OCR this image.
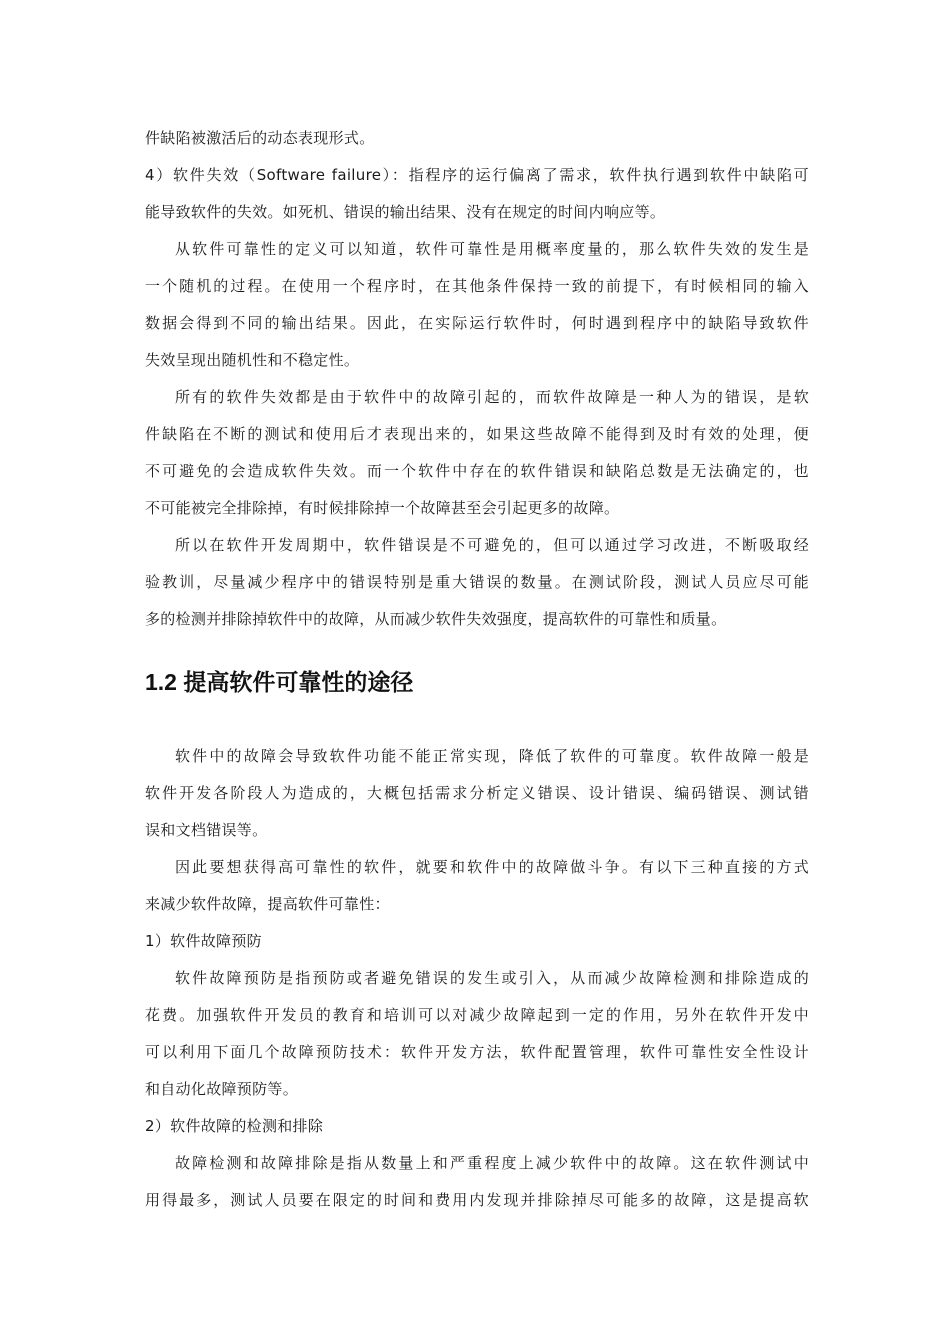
件缺陷被激活后的动态表现形式。

4）软件失效（Software failure）：指程序的运行偏离了需求，软件执行遇到软件中缺陷可

能导致软件的失效。如死机、错误的输出结果、没有在规定的时间内响应等。

从软件可靠性的定义可以知道，软件可靠性是用概率度量的，那么软件失效的发生是

一个随机的过程。在使用一个程序时，在其他条件保持一致的前提下，有时候相同的输入

数据会得到不同的输出结果。因此，在实际运行软件时，何时遇到程序中的缺陷导致软件

失效呈现出随机性和不稳定性。

所有的软件失效都是由于软件中的故障引起的，而软件故障是一种人为的错误，是软

件缺陷在不断的测试和使用后才表现出来的，如果这些故障不能得到及时有效的处理，便

不可避免的会造成软件失效。而一个软件中存在的软件错误和缺陷总数是无法确定的，也

不可能被完全排除掉，有时候排除掉一个故障甚至会引起更多的故障。

所以在软件开发周期中，软件错误是不可避免的，但可以通过学习改进，不断吸取经

验教训，尽量减少程序中的错误特别是重大错误的数量。在测试阶段，测试人员应尽可能

多的检测并排除掉软件中的故障，从而减少软件失效强度，提高软件的可靠性和质量。

1.2 提高软件可靠性的途径

软件中的故障会导致软件功能不能正常实现，降低了软件的可靠度。软件故障一般是

软件开发各阶段人为造成的，大概包括需求分析定义错误、设计错误、编码错误、测试错

误和文档错误等。

因此要想获得高可靠性的软件，就要和软件中的故障做斗争。有以下三种直接的方式

来减少软件故障，提高软件可靠性：

1）软件故障预防

软件故障预防是指预防或者避免错误的发生或引入，从而减少故障检测和排除造成的

花费。加强软件开发员的教育和培训可以对减少故障起到一定的作用，另外在软件开发中

可以利用下面几个故障预防技术：软件开发方法，软件配置管理，软件可靠性安全性设计

和自动化故障预防等。

2）软件故障的检测和排除

故障检测和故障排除是指从数量上和严重程度上减少软件中的故障。这在软件测试中

用得最多，测试人员要在限定的时间和费用内发现并排除掉尽可能多的故障，这是提高软
